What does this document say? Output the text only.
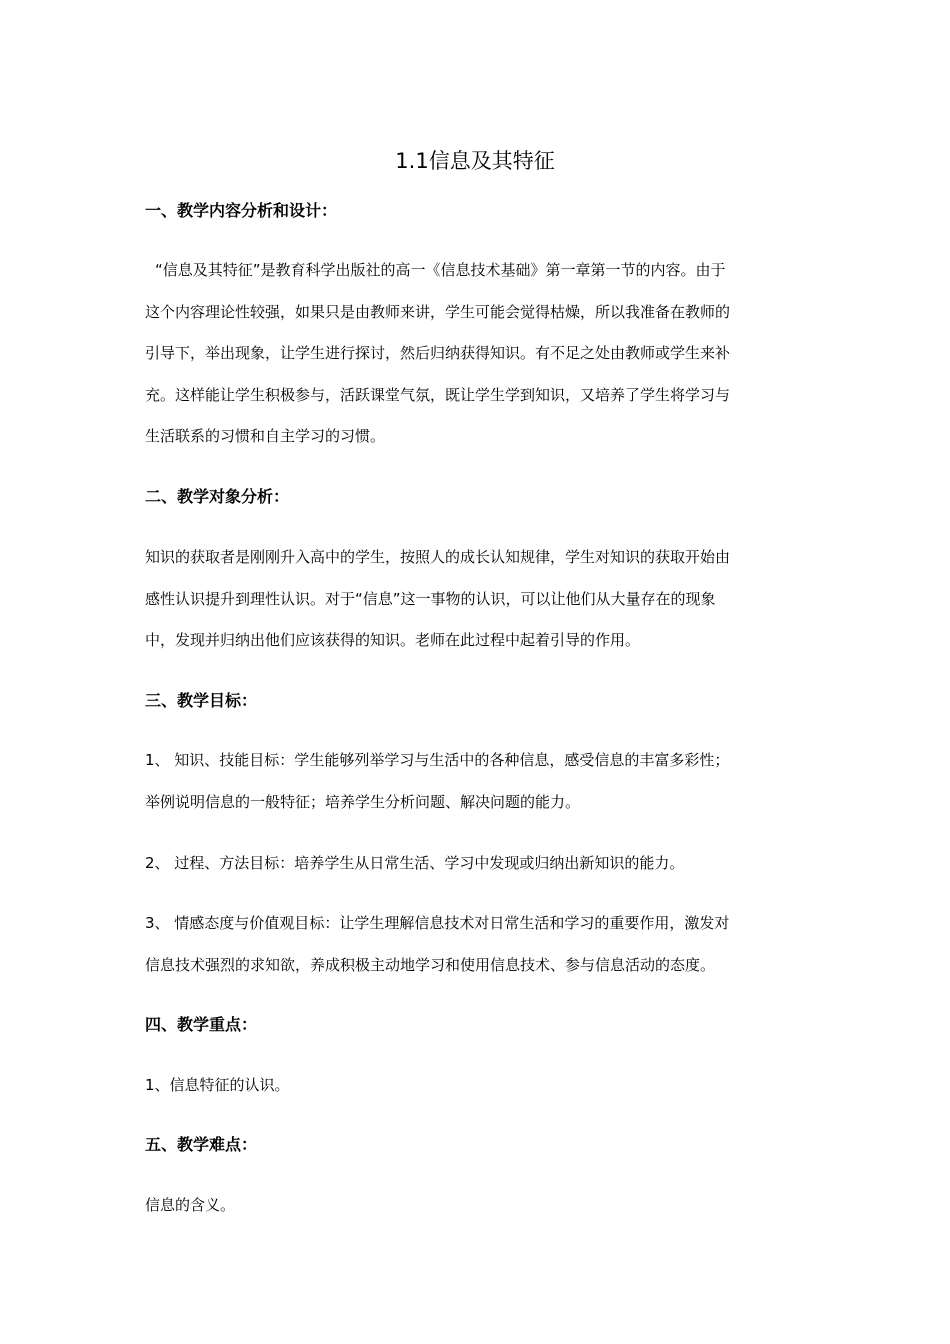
1.1信息及其特征
一、教学内容分析和设计：
“信息及其特征”是教育科学出版社的高一《信息技术基础》第一章第一节的内容。由于
这个内容理论性较强，如果只是由教师来讲，学生可能会觉得枯燥，所以我准备在教师的
引导下，举出现象，让学生进行探讨，然后归纳获得知识。有不足之处由教师或学生来补
充。这样能让学生积极参与，活跃课堂气氛，既让学生学到知识，又培养了学生将学习与
生活联系的习惯和自主学习的习惯。
二、教学对象分析：
知识的获取者是刚刚升入高中的学生，按照人的成长认知规律，学生对知识的获取开始由
感性认识提升到理性认识。对于“信息”这一事物的认识，可以让他们从大量存在的现象
中，发现并归纳出他们应该获得的知识。老师在此过程中起着引导的作用。
三、教学目标：
1、 知识、技能目标：学生能够列举学习与生活中的各种信息，感受信息的丰富多彩性；
举例说明信息的一般特征；培养学生分析问题、解决问题的能力。
2、 过程、方法目标：培养学生从日常生活、学习中发现或归纳出新知识的能力。
3、 情感态度与价值观目标：让学生理解信息技术对日常生活和学习的重要作用，激发对
信息技术强烈的求知欲，养成积极主动地学习和使用信息技术、参与信息活动的态度。
四、教学重点：
1、信息特征的认识。
五、教学难点：
信息的含义。
